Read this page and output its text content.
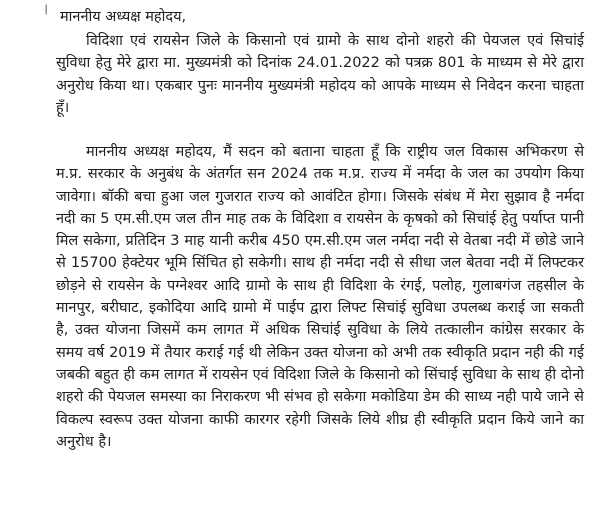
❘ माननीय अध्यक्ष महोदय,

विदिशा एवं रायसेन जिले के किसानो एवं ग्रामो के साथ दोनो शहरो की पेयजल एवं सिचांई सुविधा हेतु मेरे द्वारा मा. मुख्यमंत्री को दिनांक 24.01.2022 को पत्रक्र 801 के माध्यम से मेरे द्वारा अनुरोध किया था। एकबार पुनः माननीय मुख्यमंत्री महोदय को आपके माध्यम से निवेदन करना चाहता हूँ।

माननीय अध्यक्ष महोदय, मैं सदन को बताना चाहता हूँ कि राष्ट्रीय जल विकास अभिकरण से म.प्र. सरकार के अनुबंध के अंतर्गत सन 2024 तक म.प्र. राज्य में नर्मदा के जल का उपयोग किया जावेगा। बॉकी बचा हुआ जल गुजरात राज्य को आवंटित होगा। जिसके संबंध में मेरा सुझाव है नर्मदा नदी का 5 एम.सी.एम जल तीन माह तक के विदिशा व रायसेन के कृषको को सिचांई हेतु पर्याप्त पानी मिल सकेगा, प्रतिदिन 3 माह यानी करीब 450 एम.सी.एम जल नर्मदा नदी से वेतबा नदी में छोडे जाने से 15700 हेक्टेयर भूमि सिंचित हो सकेगी। साथ ही नर्मदा नदी से सीधा जल बेतवा नदी में लिफ्टकर छोड़ने से रायसेन के पग्नेश्वर आदि ग्रामो के साथ ही विदिशा के रंगई, पलोह, गुलाबगंज तहसील के मानपुर, बरीघाट, इकोदिया आदि ग्रामो में पाईप द्वारा लिफ्ट सिचांई सुविधा उपलब्ध कराई जा सकती है, उक्त योजना जिसमें कम लागत में अधिक सिचांई सुविधा के लिये तत्कालीन कांग्रेस सरकार के समय वर्ष 2019 में तैयार कराई गई थी लेकिन उक्त योजना को अभी तक स्वीकृति प्रदान नही की गई जबकी बहुत ही कम लागत में रायसेन एवं विदिशा जिले के किसानो को सिंचाई सुविधा के साथ ही दोनो शहरो की पेयजल समस्या का निराकरण भी संभव हो सकेगा मकोडिया डेम की साध्य नही पाये जाने से विकल्प स्वरूप उक्त योजना काफी कारगर रहेगी जिसके लिये शीघ्र ही स्वीकृति प्रदान किये जाने का अनुरोध है।
